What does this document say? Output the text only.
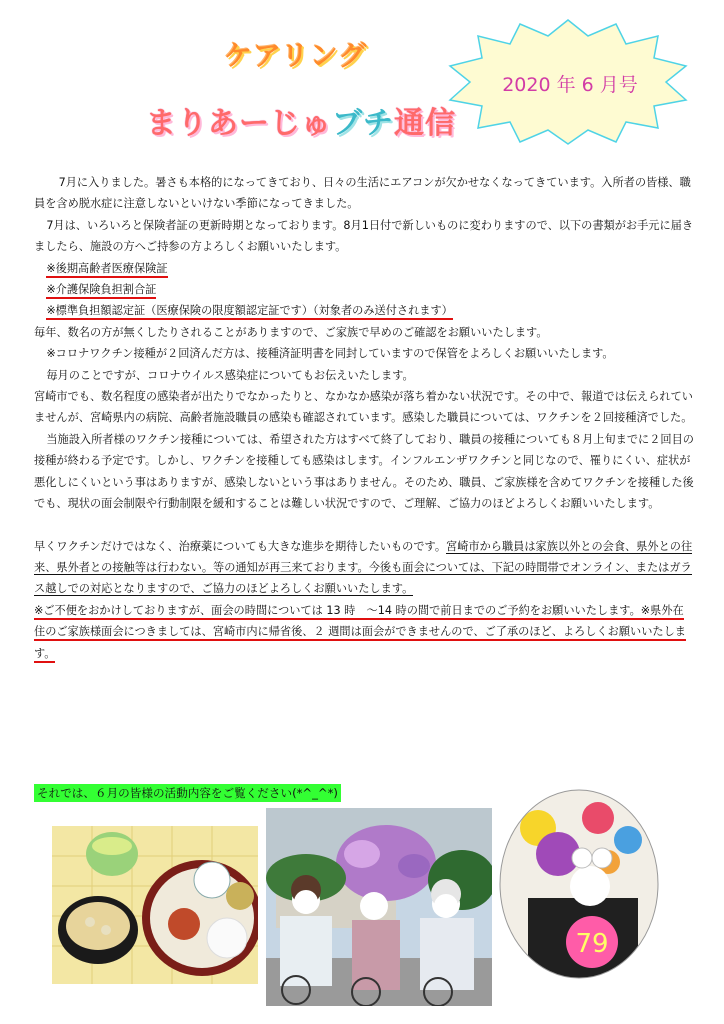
ケアリング
まりあーじゅブチ通信
2020 年 6 月号

7月に入りました。暑さも本格的になってきており、日々の生活にエアコンが欠かせなくなってきています。入所者の皆様、職員を含め脱水症に注意しないといけない季節になってきました。

7月は、いろいろと保険者証の更新時期となっております。8月1日付で新しいものに変わりますので、以下の書類がお手元に届きましたら、施設の方へご持参の方よろしくお願いいたします。

※後期高齢者医療保険証

※介護保険負担割合証

※標準負担額認定証（医療保険の限度額認定証です）（対象者のみ送付されます）

毎年、数名の方が無くしたりされることがありますので、ご家族で早めのご確認をお願いいたします。

※コロナワクチン接種が２回済んだ方は、接種済証明書を同封していますので保管をよろしくお願いいたします。

毎月のことですが、コロナウイルス感染症についてもお伝えいたします。

宮崎市でも、数名程度の感染者が出たりでなかったりと、なかなか感染が落ち着かない状況です。その中で、報道では伝えられていませんが、宮崎県内の病院、高齢者施設職員の感染も確認されています。感染した職員については、ワクチンを２回接種済でした。

当施設入所者様のワクチン接種については、希望された方はすべて終了しており、職員の接種についても８月上旬までに２回目の接種が終わる予定です。しかし、ワクチンを接種しても感染はします。インフルエンザワクチンと同じなので、罹りにくい、症状が悪化しにくいという事はありますが、感染しないという事はありません。そのため、職員、ご家族様を含めてワクチンを接種した後でも、現状の面会制限や行動制限を緩和することは難しい状況ですので、ご理解、ご協力のほどよろしくお願いいたします。

早くワクチンだけではなく、治療薬についても大きな進歩を期待したいものです。宮崎市から職員は家族以外との会食、県外との往来、県外者との接触等は行わない。等の通知が再三来ております。今後も面会については、下記の時間帯でオンライン、またはガラス越しでの対応となりますので、ご協力のほどよろしくお願いいたします。

※ご不便をおかけしておりますが、面会の時間については 13 時　～14 時の間で前日までのご予約をお願いいたします。※県外在住のご家族様面会につきましては、宮崎市内に帰省後、２ 週間は面会ができませんので、ご了承のほど、よろしくお願いいたします。

それでは、６月の皆様の活動内容をご覧ください(*^_^*)
79
